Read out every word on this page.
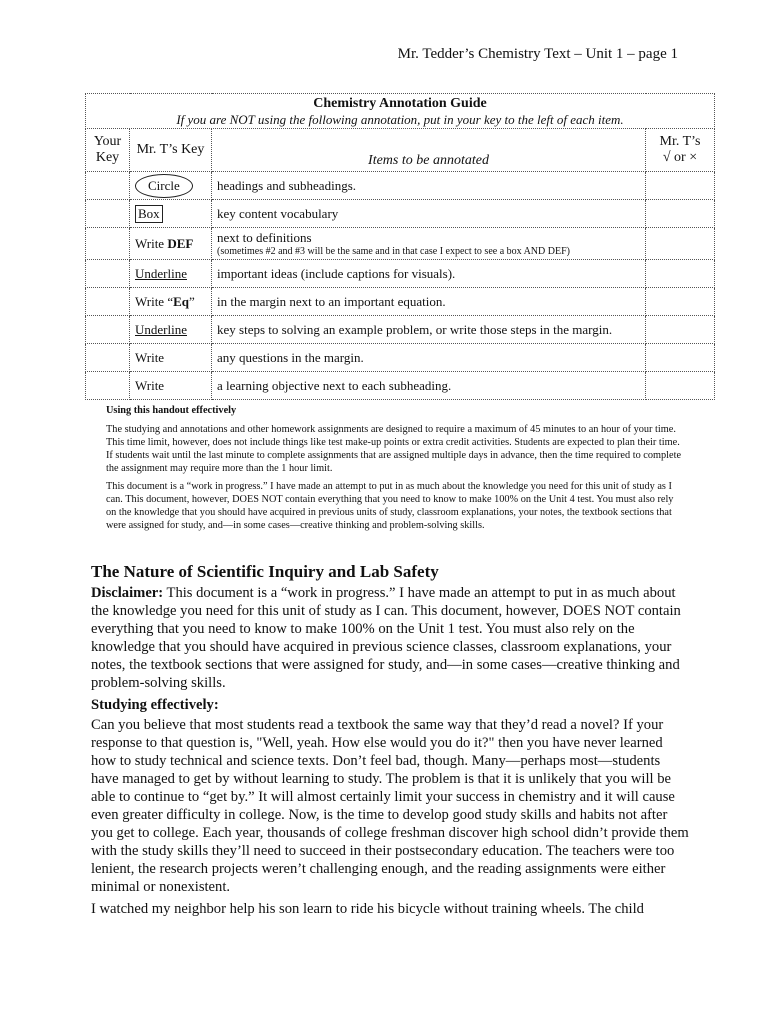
Mr. Tedder’s Chemistry Text – Unit 1 – page 1
Chemistry Annotation Guide
If you are NOT using the following annotation, put in your key to the left of each item.			

Your Key	Mr. T’s Key	Items to be annotated	Mr. T’s
√ or ×

	Circle	headings and subheadings.	
	Box	key content vocabulary	
	Write DEF	next to definitions
(sometimes #2 and #3 will be the same and in that case I expect to see a box AND DEF)	

	Underline	important ideas (include captions for visuals).	
	Write “Eq”	in the margin next to an important equation.	
	Underline	key steps to solving an example problem, or write those steps in the margin.	
	Write	any questions in the margin.	
	Write	a learning objective next to each subheading.	

Using this handout effectively

The studying and annotations and other homework assignments are designed to require a maximum of 45 minutes to an hour of your time. This time limit, however, does not include things like test make-up points or extra credit activities. Students are expected to plan their time. If students wait until the last minute to complete assignments that are assigned multiple days in advance, then the time required to complete the assignment may require more than the 1 hour limit.

This document is a “work in progress.” I have made an attempt to put in as much about the knowledge you need for this unit of study as I can. This document, however, DOES NOT contain everything that you need to know to make 100% on the Unit 4 test. You must also rely on the knowledge that you should have acquired in previous units of study, classroom explanations, your notes, the textbook sections that were assigned for study, and—in some cases—creative thinking and problem-solving skills.

The Nature of Scientific Inquiry and Lab Safety

Disclaimer: This document is a “work in progress.” I have made an attempt to put in as much about the knowledge you need for this unit of study as I can. This document, however, DOES NOT contain everything that you need to know to make 100% on the Unit 1 test. You must also rely on the knowledge that you should have acquired in previous science classes, classroom explanations, your notes, the textbook sections that were assigned for study, and—in some cases—creative thinking and problem-solving skills.

Studying effectively:

Can you believe that most students read a textbook the same way that they’d read a novel? If your response to that question is, "Well, yeah. How else would you do it?" then you have never learned how to study technical and science texts. Don’t feel bad, though. Many—perhaps most—students have managed to get by without learning to study. The problem is that it is unlikely that you will be able to continue to “get by.” It will almost certainly limit your success in chemistry and it will cause even greater difficulty in college. Now, is the time to develop good study skills and habits not after you get to college. Each year, thousands of college freshman discover high school didn’t provide them with the study skills they’ll need to succeed in their postsecondary education. The teachers were too lenient, the research projects weren’t challenging enough, and the reading assignments were either minimal or nonexistent.

I watched my neighbor help his son learn to ride his bicycle without training wheels. The child
